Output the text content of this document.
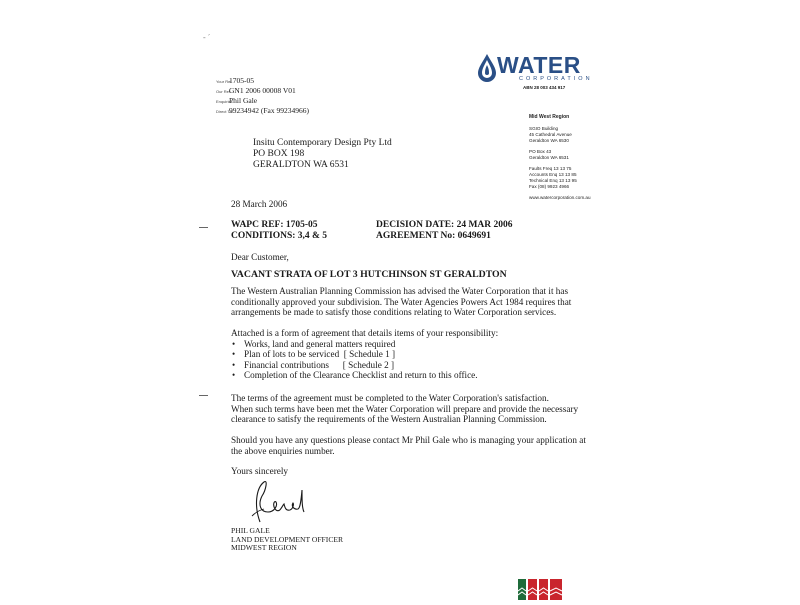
- ˊ
WATER
CORPORATION
ABN 28 003 434 917
Your Ref1705-05
Our RefGN1 2006 00008 V01
EnquiriesPhil Gale
Direct Tel99234942 (Fax 99234966)
Insitu Contemporary Design Pty Ltd
PO BOX 198
GERALDTON WA 6531
Mid West Region
SGIO Building
45 Cathedral Avenue
Geraldton WA 6530
PO Box 43
Geraldton WA 6531
Faults Freq 13 13 75
Accounts Enq 13 13 85
Technical Enq 13 13 95
Fax (08) 9923 4966
www.watercorporation.com.au
28 March 2006
WAPC REF: 1705-05
CONDITIONS: 3,4 & 5
DECISION DATE: 24 MAR 2006
AGREEMENT No: 0649691
Dear Customer,
VACANT STRATA OF LOT 3 HUTCHINSON ST GERALDTON
The Western Australian Planning Commission has advised the Water Corporation that it has
conditionally approved your subdivision. The Water Agencies Powers Act 1984 requires that
arrangements be made to satisfy those conditions relating to Water Corporation services.
Attached is a form of agreement that details items of your responsibility:
• Works, land and general matters required
• Plan of lots to be serviced  [ Schedule 1 ]
• Financial contributions      [ Schedule 2 ]
• Completion of the Clearance Checklist and return to this office.
The terms of the agreement must be completed to the Water Corporation's satisfaction.
When such terms have been met the Water Corporation will prepare and provide the necessary
clearance to satisfy the requirements of the Western Australian Planning Commission.
Should you have any questions please contact Mr Phil Gale who is managing your application at
the above enquiries number.
Yours sincerely
PHIL GALE
LAND DEVELOPMENT OFFICER
MIDWEST REGION
